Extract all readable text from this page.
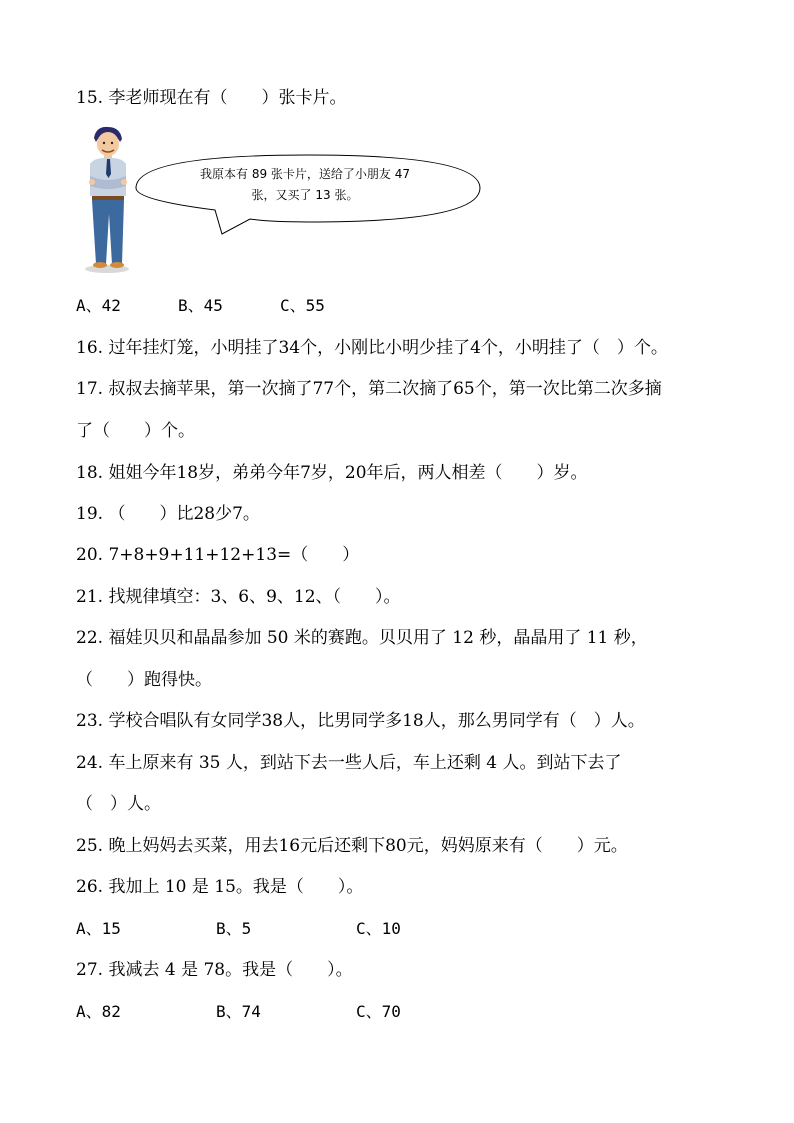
15. 李老师现在有（　　）张卡片。
我原本有 89 张卡片，送给了小朋友 47
张，又买了 13 张。
A、42	B、45	C、55
16. 过年挂灯笼，小明挂了34个，小刚比小明少挂了4个，小明挂了（　）个。
17. 叔叔去摘苹果，第一次摘了77个，第二次摘了65个，第一次比第二次多摘
了（　　）个。
18. 姐姐今年18岁，弟弟今年7岁，20年后，两人相差（　　）岁。
19. （　　）比28少7。
20. 7+8+9+11+12+13=（　　）
21. 找规律填空：3、6、9、12、（　　）。
22. 福娃贝贝和晶晶参加 50 米的赛跑。贝贝用了 12 秒，晶晶用了 11 秒，
（　　）跑得快。
23. 学校合唱队有女同学38人，比男同学多18人，那么男同学有（　）人。
24. 车上原来有 35 人，到站下去一些人后，车上还剩 4 人。到站下去了
（　）人。
25. 晚上妈妈去买菜，用去16元后还剩下80元，妈妈原来有（　　）元。
26. 我加上 10 是 15。我是（　　）。
A、15	B、5	C、10
27. 我减去 4 是 78。我是（　　）。
A、82	B、74	C、70
